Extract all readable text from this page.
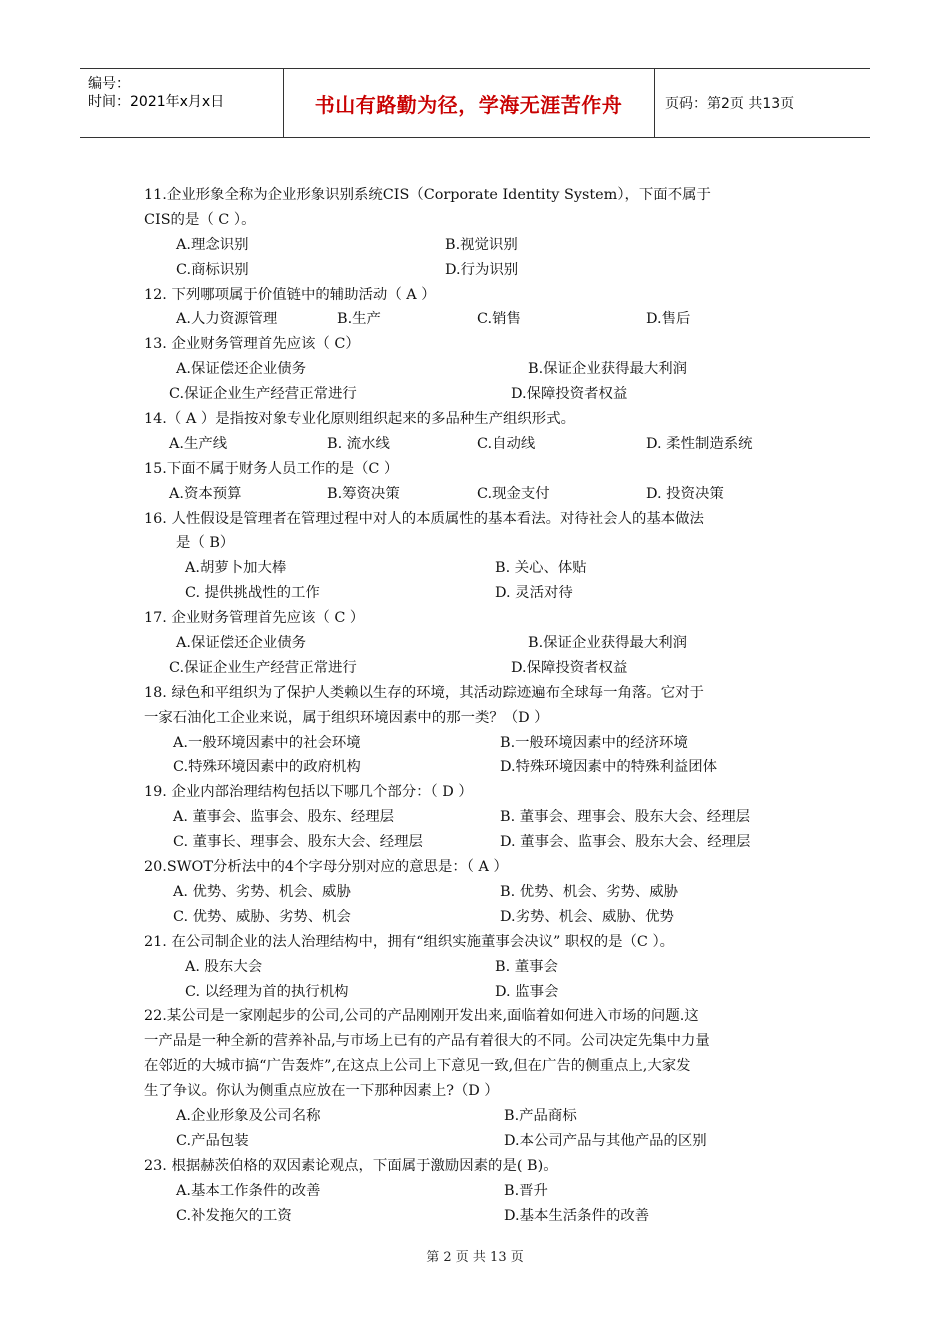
编号：
时间：2021年x月x日	书山有路勤为径，学海无涯苦作舟	页码：第2页 共13页
11.企业形象全称为企业形象识别系统CIS（Corporate Identity System），下面不属于
CIS的是（ C ）。
A.理念识别	B.视觉识别
C.商标识别	D.行为识别
12. 下列哪项属于价值链中的辅助活动（ A ）
A.人力资源管理	B.生产	C.销售	D.售后
13. 企业财务管理首先应该（ C）
A.保证偿还企业债务	B.保证企业获得最大利润
C.保证企业生产经营正常进行	D.保障投资者权益
14.（ A ）是指按对象专业化原则组织起来的多品种生产组织形式。
A.生产线	B. 流水线	C.自动线	D. 柔性制造系统
15.下面不属于财务人员工作的是（C ）
A.资本预算	B.筹资决策	C.现金支付	D. 投资决策
16. 人性假设是管理者在管理过程中对人的本质属性的基本看法。对待社会人的基本做法
是（ B）
A.胡萝卜加大棒	B. 关心、体贴
C. 提供挑战性的工作	D. 灵活对待
17. 企业财务管理首先应该（ C ）
A.保证偿还企业债务	B.保证企业获得最大利润
C.保证企业生产经营正常进行	D.保障投资者权益
18. 绿色和平组织为了保护人类赖以生存的环境，其活动踪迹遍布全球每一角落。它对于
一家石油化工企业来说，属于组织环境因素中的那一类？（D ）
A.一般环境因素中的社会环境	B.一般环境因素中的经济环境
C.特殊环境因素中的政府机构	D.特殊环境因素中的特殊利益团体
19. 企业内部治理结构包括以下哪几个部分：（ D ）
A. 董事会、监事会、股东、经理层	B. 董事会、理事会、股东大会、经理层
C. 董事长、理事会、股东大会、经理层	D. 董事会、监事会、股东大会、经理层
20.SWOT分析法中的4个字母分别对应的意思是：（ A ）
A. 优势、劣势、机会、威胁	B. 优势、机会、劣势、威胁
C. 优势、威胁、劣势、机会	D.劣势、机会、威胁、优势
21. 在公司制企业的法人治理结构中，拥有“组织实施董事会决议” 职权的是（C ）。
A. 股东大会	B. 董事会
C. 以经理为首的执行机构	D. 监事会
22.某公司是一家刚起步的公司,公司的产品刚刚开发出来,面临着如何进入市场的问题.这
一产品是一种全新的营养补品,与市场上已有的产品有着很大的不同。公司决定先集中力量
在邻近的大城市搞“广告轰炸”,在这点上公司上下意见一致,但在广告的侧重点上,大家发
生了争议。你认为侧重点应放在一下那种因素上?（D ）
A.企业形象及公司名称	B.产品商标
C.产品包装	D.本公司产品与其他产品的区别
23. 根据赫茨伯格的双因素论观点，下面属于激励因素的是( B)。
A.基本工作条件的改善	B.晋升
C.补发拖欠的工资	D.基本生活条件的改善
第 2 页 共 13 页
